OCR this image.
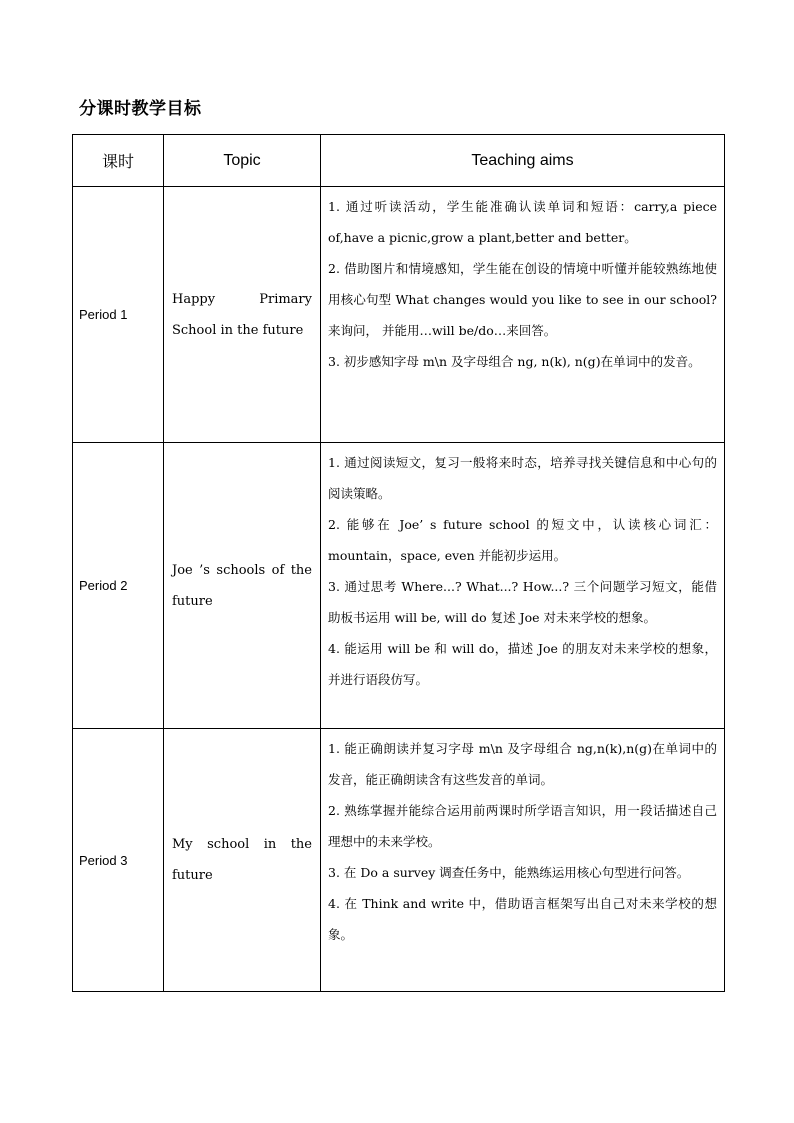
分课时教学目标
课时	Topic	Teaching aims
Period 1	Happy Primary School in the future	1. 通过听读活动，学生能准确认读单词和短语：carry,a piece of,have a picnic,grow a plant,better and better。
2. 借助图片和情境感知，学生能在创设的情境中听懂并能较熟练地使用核心句型 What changes would you like to see in our school?来询问， 并能用…will be/do…来回答。
3. 初步感知字母 m\n 及字母组合 ng, n(k), n(g)在单词中的发音。

Period 2	Joe ’s schools of the future	1. 通过阅读短文，复习一般将来时态，培养寻找关键信息和中心句的阅读策略。
2. 能够在 Joe’ s future school 的短文中，认读核心词汇：mountain，space, even 并能初步运用。
3. 通过思考 Where...? What...? How...? 三个问题学习短文，能借助板书运用 will be, will do 复述 Joe 对未来学校的想象。
4. 能运用 will be 和 will do，描述 Joe 的朋友对未来学校的想象，并进行语段仿写。

Period 3	My school in the future	1. 能正确朗读并复习字母 m\n 及字母组合 ng,n(k),n(g)在单词中的发音，能正确朗读含有这些发音的单词。
2. 熟练掌握并能综合运用前两课时所学语言知识，用一段话描述自己理想中的未来学校。
3. 在 Do a survey 调查任务中，能熟练运用核心句型进行问答。
4. 在 Think and write 中，借助语言框架写出自己对未来学校的想象。
